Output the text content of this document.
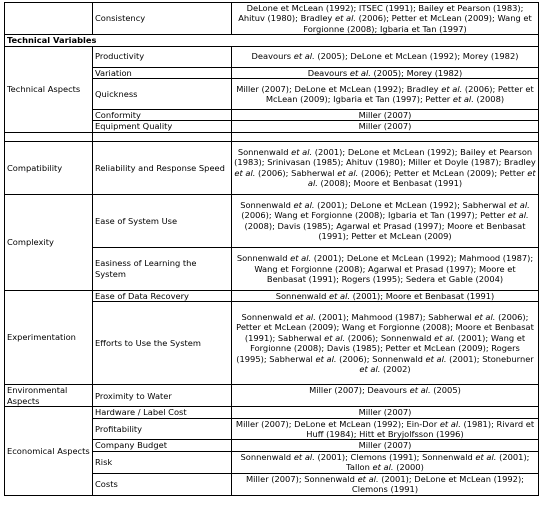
	Consistency	DeLone et McLean (1992); ITSEC (1991); Bailey et Pearson (1983); Ahituv (1980); Bradley et al. (2006); Petter et McLean (2009); Wang et Forgionne (2008); Igbaria et Tan (1997)
Technical Variables		
Technical Aspects	Productivity	Deavours et al. (2005); DeLone et McLean (1992); Morey (1982)
	Variation	Deavours et al. (2005); Morey (1982)
	Quickness	Miller (2007); DeLone et McLean (1992); Bradley et al. (2006); Petter et McLean (2009); Igbaria et Tan (1997); Petter et al. (2008)
	Conformity	Miller (2007)
	Equipment Quality	Miller (2007)

Compatibility	Reliability and Response Speed	Sonnenwald et al. (2001); DeLone et McLean (1992); Bailey et Pearson (1983); Srinivasan (1985); Ahituv (1980); Miller et Doyle (1987); Bradley et al. (2006); Sabherwal et al. (2006); Petter et McLean (2009); Petter et al. (2008); Moore et Benbasat (1991)
Complexity	Ease of System Use	Sonnenwald et al. (2001); DeLone et McLean (1992); Sabherwal et al. (2006); Wang et Forgionne (2008); Igbaria et Tan (1997); Petter et al. (2008); Davis (1985); Agarwal et Prasad (1997); Moore et Benbasat (1991); Petter et McLean (2009)
	Easiness of Learning the System	Sonnenwald et al. (2001); DeLone et McLean (1992); Mahmood (1987); Wang et Forgionne (2008); Agarwal et Prasad (1997); Moore et Benbasat (1991); Rogers (1995); Sedera et Gable (2004)
Experimentation	Ease of Data Recovery	Sonnenwald et al. (2001); Moore et Benbasat (1991)
	Efforts to Use the System	Sonnenwald et al. (2001); Mahmood (1987); Sabherwal et al. (2006); Petter et McLean (2009); Wang et Forgionne (2008); Moore et Benbasat (1991); Sabherwal et al. (2006); Sonnenwald et al. (2001); Wang et Forgionne (2008); Davis (1985); Petter et McLean (2009); Rogers (1995); Sabherwal et al. (2006); Sonnenwald et al. (2001); Stoneburner et al. (2002)
Environmental Aspects	Proximity to Water	Miller (2007); Deavours et al. (2005)
Economical Aspects	Hardware / Label Cost	Miller (2007)
	Profitability	Miller (2007); DeLone et McLean (1992); Ein-Dor et al. (1981); Rivard et Huff (1984); Hitt et Bryjolfsson (1996)
	Company Budget	Miller (2007)
	Risk	Sonnenwald et al. (2001); Clemons (1991); Sonnenwald et al. (2001); Tallon et al. (2000)
	Costs	Miller (2007); Sonnenwald et al. (2001); DeLone et McLean (1992); Clemons (1991)
